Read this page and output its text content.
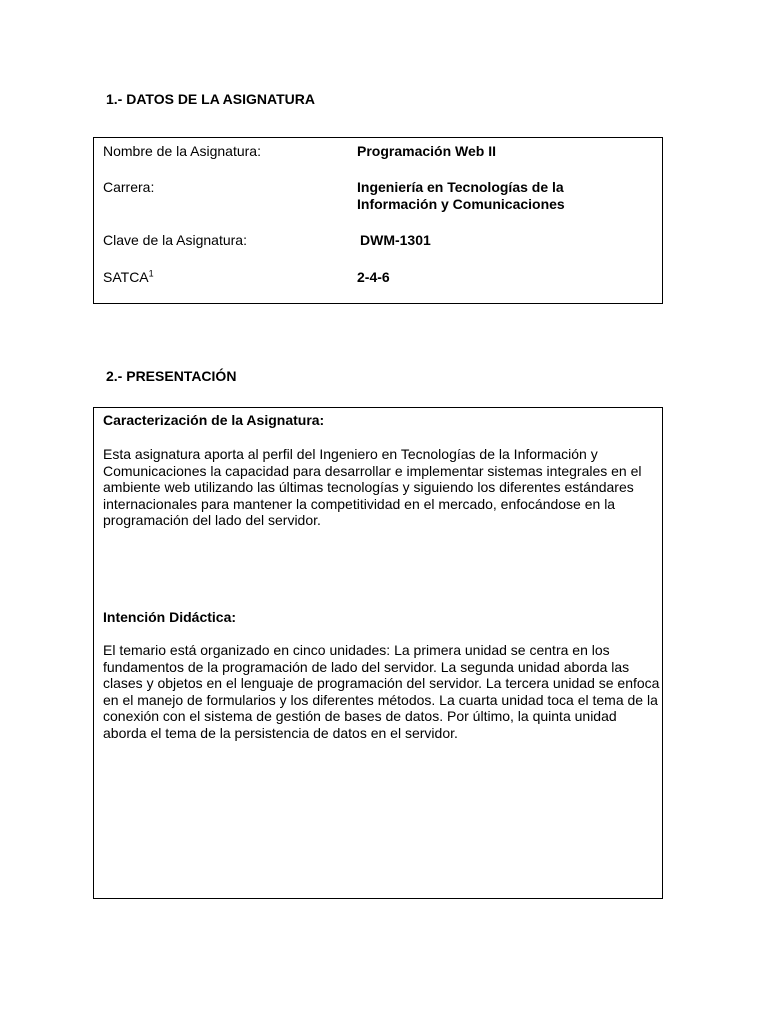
1.- DATOS DE LA ASIGNATURA
Nombre de la Asignatura:	Programación Web II
Carrera:	Ingeniería en Tecnologías de la
Información y Comunicaciones
Clave de la Asignatura:	DWM-1301
SATCA$^1$	2-4-6
2.- PRESENTACIÓN
Caracterización de la Asignatura:
Esta asignatura aporta al perfil del Ingeniero en Tecnologías de la Información y
Comunicaciones la capacidad para desarrollar e implementar sistemas integrales en el
ambiente web utilizando las últimas tecnologías y siguiendo los diferentes estándares
internacionales para mantener la competitividad en el mercado, enfocándose en la
programación del lado del servidor.
Intención Didáctica:
El temario está organizado en cinco unidades: La primera unidad se centra en los
fundamentos de la programación de lado del servidor. La segunda unidad aborda las
clases y objetos en el lenguaje de programación del servidor. La tercera unidad se enfoca
en el manejo de formularios y los diferentes métodos. La cuarta unidad toca el tema de la
conexión con el sistema de gestión de bases de datos. Por último, la quinta unidad
aborda el tema de la persistencia de datos en el servidor.
